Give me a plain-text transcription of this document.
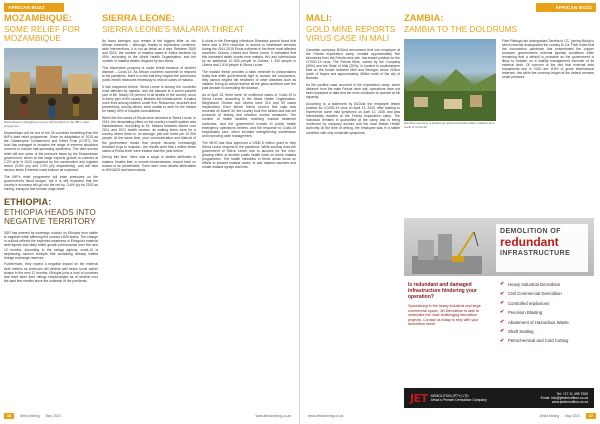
AFRICAN BUZZ
MOZAMBIQUE:
SOME RELIEF FOR MOZAMBIQUE
Mozambique's struggling economy will benefit from the IMF's relief programme.

Mozambique will be one of the 25 countries benefiting from the IMF's debt relief programme. Since its adaptation in 2015 as the Catastrophe Containment and Relief Trust (CCRT), the trust has managed to broaden the range of extreme situations covered to include fast-spreading epidemics. The debt service relief will see some of the pressure faced by the Mozambican government, which at this stage expects growth to contract at 2.2% yr/yr in 2020 supported by the construction and logistics sector (0.8% yr/y and 2.0% yr/y respectively), and will face serious strain if interest costs balloon as expected.

The IMF's relief programme will ease pressures on the government's fiscal budget, but it is still expected that the country's economy will go into the red by -3.6% y/y for 2020 as mining, transport and tourism edge lower.

ETHIOPIA:
ETHIOPIA HEADS INTO NEGATIVE TERRITORY

S&P has entered its sovereign outlook on Ethiopia from stable to negative while affirming the country's B/B status. The change in outlook reflects the expected weakness in Ethiopia's external debt figures and likely softer growth performance over the next 12 months. According to the ratings agency, covid-19 is depressing tourism receipts that sustaining already limited foreign exchange reserves.

Furthermore, they expect a negative impact on the external debt metrics as revenues will decline well below some earlier strains in the next 12 months. Ethiopia joins a host of countries that have seen their ratings shortchanged as of several over the past few months since the outbreak of the pandemic.

SIERRA LEONE:
SIERRA LEONE'S MALARIA THREAT

As focus diverges, you remain is the biggest killer on the African continent – although, thanks to impressive continent-wide interventions, it is not as lethal as it was. Between 2000 and 2015, the number of malaria cases in Africa declined by 40%, according to the World Health Organisation, and the number of malaria deaths dropped by two-thirds.

This impressive progress is under threat because of another disease – Covid-19. As African countries scramble to respond to the pandemic, there is a risk that they neglect the continuous public health measures necessary to reduce cases of malaria.

It has happened before. Sierra Leone is among the countries most affected by malaria, and the disease is a seven-present part of life. Nearly 25 percent of all deaths in the country occur in every part of the country. Besides the infrastructure, it claims more lives among children under five. Resources, structure and preventions, among others, were unable to work for the means for nearly 40% of hospital consultations.

When the first cases of Ebola were recorded in Sierra Leone, in 2014, the devastating effect on the country's health system was instantaneous. According to Dr. Malaria between stared over 2014 and 2021 health centres, as waiting times were for a country where there is, on average, just one nurse per 10 000 people. At the same time, poor communication and distrust of the government meant that people became increasingly reluctant to go to hospital – the results were that 1 million fewer cases of Ebola-fever were treated than the year before.

During this time, there was a surge in deaths attributed to malaria. Deaths that, in normal circumstances, should have no reason to be preventable. There were more deaths attributable to HIV/AIDS and tuberculosis.

A study in the Emerging Infectious Diseases journal found that there was a 39% reduction in access to healthcare services during the 2014-2015 Ebola outbreak in the three most affected countries: Guinea, Liberia and Sierra Leone. It estimated that this increased death counts from malaria, HIV and tuberculosis by an additional 10 600 people in Guinea, 1 300 people in Liberia and 2 819 people in Sierra Leone.

The malaria threat provides a stark reminder to policymakers today that while governments fight to contain the coronavirus, they cannot neglect the treatment of other diseases such as malaria. Doing so would reverse all the gains achieved over the past decade in controlling the disease.

As of April 15, there were 10 confirmed cases of Covid-19 in Sierra Leone, according to the World Health Organisation. Neighbours Guinea and Liberia have 319 and 59 cases respectively. Even before Sierra Leone's first case was recorded on March 30, the country took firm strides and has set protocols of testing and infection control measures. The number of health facilities receiving malaria treatment continues, and the government invests in public health emergency operations centres, and the response to Covid-19 emphasises care, which included strengthening surveillance and improving case management.

The WHO has thus approved a US$1.8 million grant to help Sierra Leone respond to the pandemic. While scrutiny rises the government of Sierra Leone has to account for the ever-growing effect of another public health crisis on future malaria programmes. The health ministries in these areas focus on efforts to prevent malaria cases, to add malaria vaccines and create malaria sprays and nets.

16	Africa Mining May 2023	www.africamining.co.za
AFRICAN BUZZ
MALI:
GOLD MINE REPORTS VIRUS CASE IN MALI

Canadian company B2Gold announced that one employee at the Fekola exploration camp, located approximately five kilometres from the Fekola mine site, has tested positive for the COVID-19 virus. The Fekola Mine, owned by the Company (80%) and the State of Mali (20%), is located in southwestern Mali on the border between Mali and Senegal, about 210km south of Kayes and approximately 400km north of the city of Bamako.

As the positive case occurred in the exploration camp, some distance from the main Fekola mine site, operations have not been impacted to date and the mine continues to operate at full capacity.

According to a statement by B2Gold the employee tested positive for COVID-19 virus on April 13, 2020, after starting to experience some mild symptoms on April 12, 2020 and was immediately isolated at the Fekola exploration camp. The individual remains in quarantine at the camp and is being monitored by company doctors and the local Malian Health Authority. At the time of writing, the employee was in a stable condition with only moderate symptoms.

ZAMBIA:
ZAMBIA TO THE DOLDRUMS
Zambia's economy is tanking as world economies suffer a decline as a result of Covid-19.

Fitch Ratings has downgraded Zambia to CC, joining Moody's which recently downgraded the country to Ca. Fitch notes that the coronavirus pandemic has exacerbated the copper producer government's external liquidity conditions while remaining that a default is probable as the government is likely to embark on a liability management exercise of its external debt. Of concern is the fact that external debt repayments due in 2020 are 119% of gross international reserves, this while the currency began at the default remains under pressure.

DEMOLITION OF
redundant
INFRASTRUCTURE
Is redundant and damaged infrastructure hindering your operation?
Specialising in the heavy industrial and large commercial space, Jet Demolition is able to undertake the most challenging demolition projects. Contact us today to help with your demolition need!
✔ Heavy Industrial Demolition
✔ Civil Commercial Demolition
✔ Controlled Implosions
✔ Precision Blasting
✔ Abatement of Hazardous Waste
✔ Shaft Sealing
✔ Petrochemical and Cold Cutting
JET DEMOLITION (PTY) LTD
Africa's Premier Demolition Company
Tel: +27 11 495 7000
Email: info@jetdemolition.co.za
www.jetdemolition.co.za
www.africamining.co.za	Africa Mining May 2023	17
